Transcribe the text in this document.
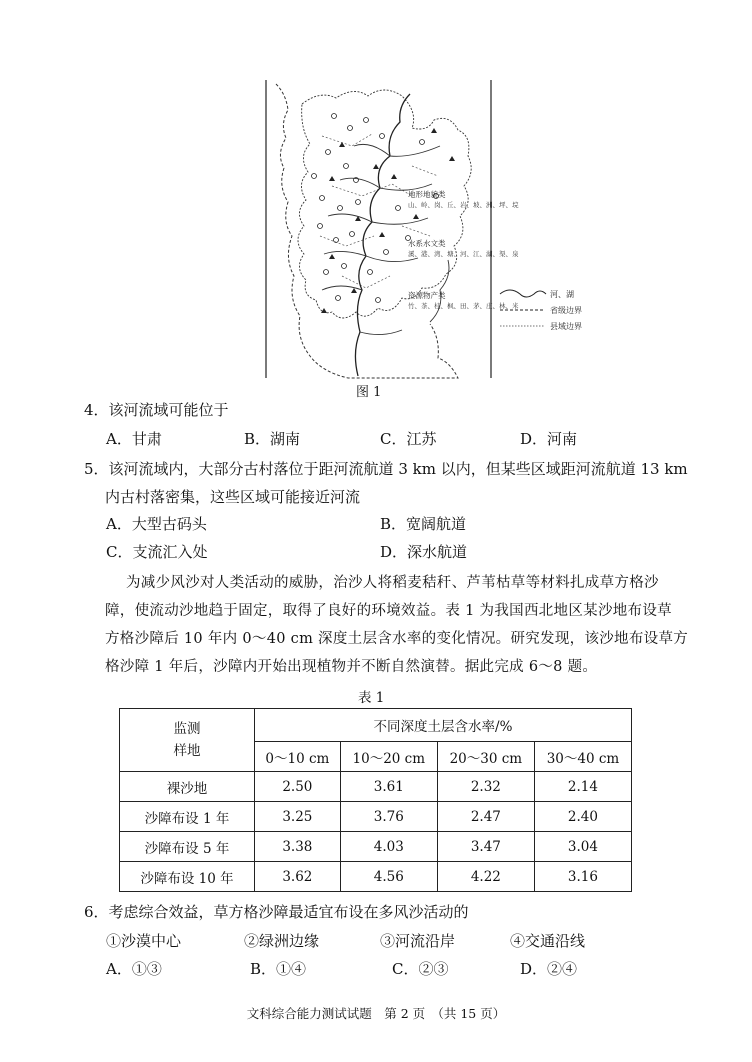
地形地貌类
山、岭、岗、丘、岩、坡、洲、坪、垸
水系水文类
溪、港、湾、塘、河、江、湖、渠、泉
资源物产类
竹、茶、桂、枫、田、茅、庄、林、米
河、湖
省级边界
县域边界
图 1
4．该河流域可能位于
A．甘肃	B．湖南	C．江苏	D．河南
5．该河流域内，大部分古村落位于距河流航道 3 km 以内，但某些区域距河流航道 13 km
内古村落密集，这些区域可能接近河流
A．大型古码头	B．宽阔航道
C．支流汇入处	D．深水航道
为减少风沙对人类活动的威胁，治沙人将稻麦秸秆、芦苇枯草等材料扎成草方格沙
障，使流动沙地趋于固定，取得了良好的环境效益。表 1 为我国西北地区某沙地布设草
方格沙障后 10 年内 0～40 cm 深度土层含水率的变化情况。研究发现，该沙地布设草方
格沙障 1 年后，沙障内开始出现植物并不断自然演替。据此完成 6～8 题。
表 1
监测
样地	不同深度土层含水率/%			
	0～10 cm	10～20 cm	20～30 cm	30～40 cm
裸沙地	2.50	3.61	2.32	2.14
沙障布设 1 年	3.25	3.76	2.47	2.40
沙障布设 5 年	3.38	4.03	3.47	3.04
沙障布设 10 年	3.62	4.56	4.22	3.16
6．考虑综合效益，草方格沙障最适宜布设在多风沙活动的
①沙漠中心	②绿洲边缘	③河流沿岸	④交通沿线
A．①③	B．①④	C．②③	D．②④
文科综合能力测试试题　第 2 页　（共 15 页）
